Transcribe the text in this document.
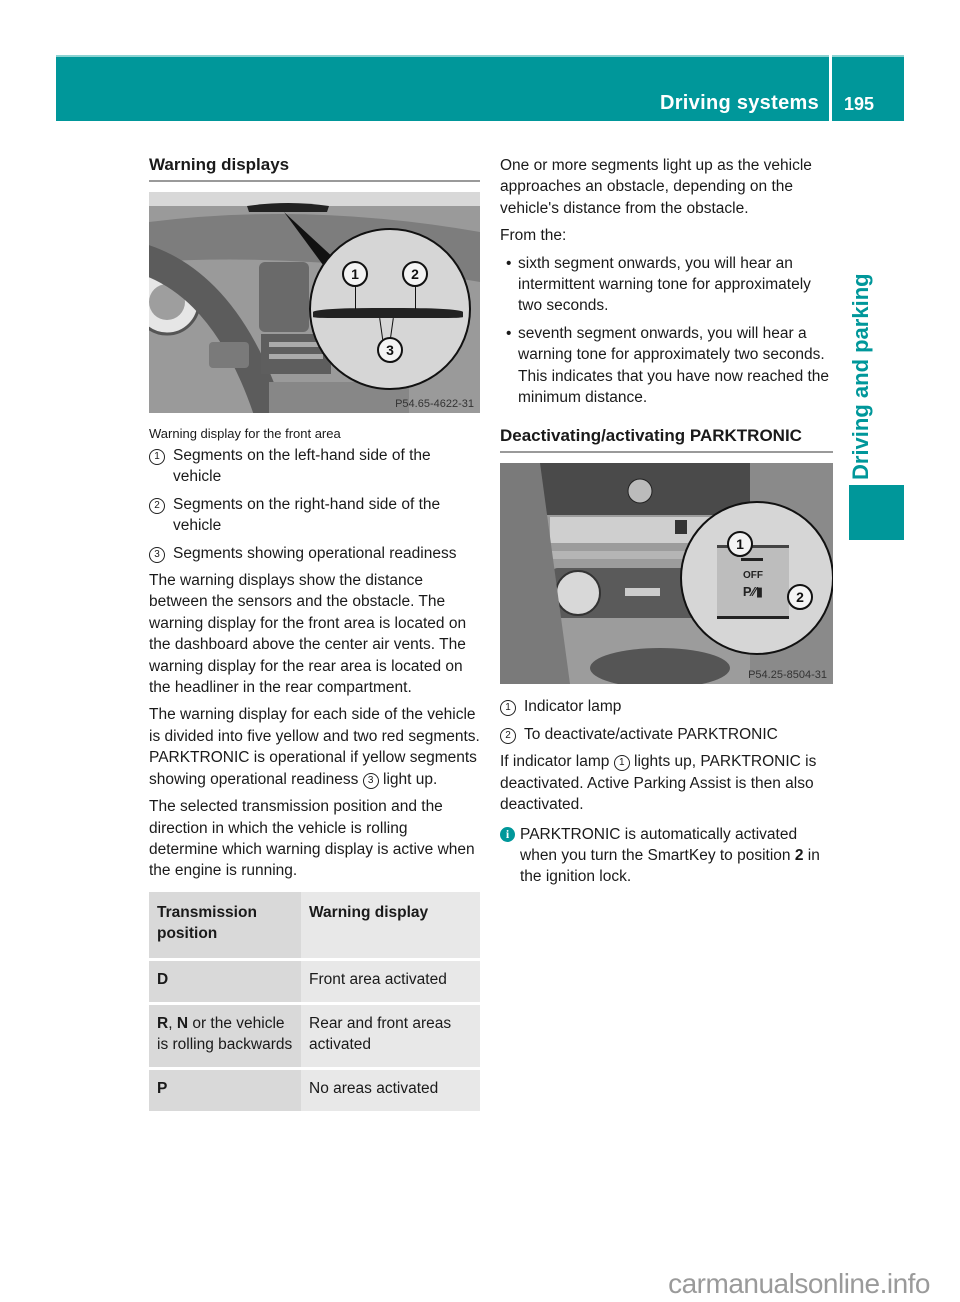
Driving systems 195
Driving and parking
Warning displays
1	2
3
P54.65-4622-31

Warning display for the front area

1 Segments on the left-hand side of the vehicle
2 Segments on the right-hand side of the vehicle
3 Segments showing operational readiness

The warning displays show the distance between the sensors and the obstacle. The warning display for the front area is located on the dashboard above the center air vents. The warning display for the rear area is located on the headliner in the rear compartment.

The warning display for each side of the vehicle is divided into five yellow and two red segments. PARKTRONIC is operational if yellow segments showing operational readiness 3 light up.

The selected transmission position and the direction in which the vehicle is rolling determine which warning display is active when the engine is running.

Transmission position	Warning display
D	Front area activated
R, N or the vehicle is rolling backwards	Rear and front areas activated
P	No areas activated

One or more segments light up as the vehicle approaches an obstacle, depending on the vehicle's distance from the obstacle.

From the:

• sixth segment onwards, you will hear an intermittent warning tone for approximately two seconds.
• seventh segment onwards, you will hear a warning tone for approximately two seconds. This indicates that you have now reached the minimum distance.
Deactivating/activating PARKTRONIC
OFF
P∕∕▮
1
2
P54.25-8504-31
1 Indicator lamp
2 To deactivate/activate PARKTRONIC

If indicator lamp 1 lights up, PARKTRONIC is deactivated. Active Parking Assist is then also deactivated.

i PARKTRONIC is automatically activated when you turn the SmartKey to position 2 in the ignition lock.
carmanualsonline.info
